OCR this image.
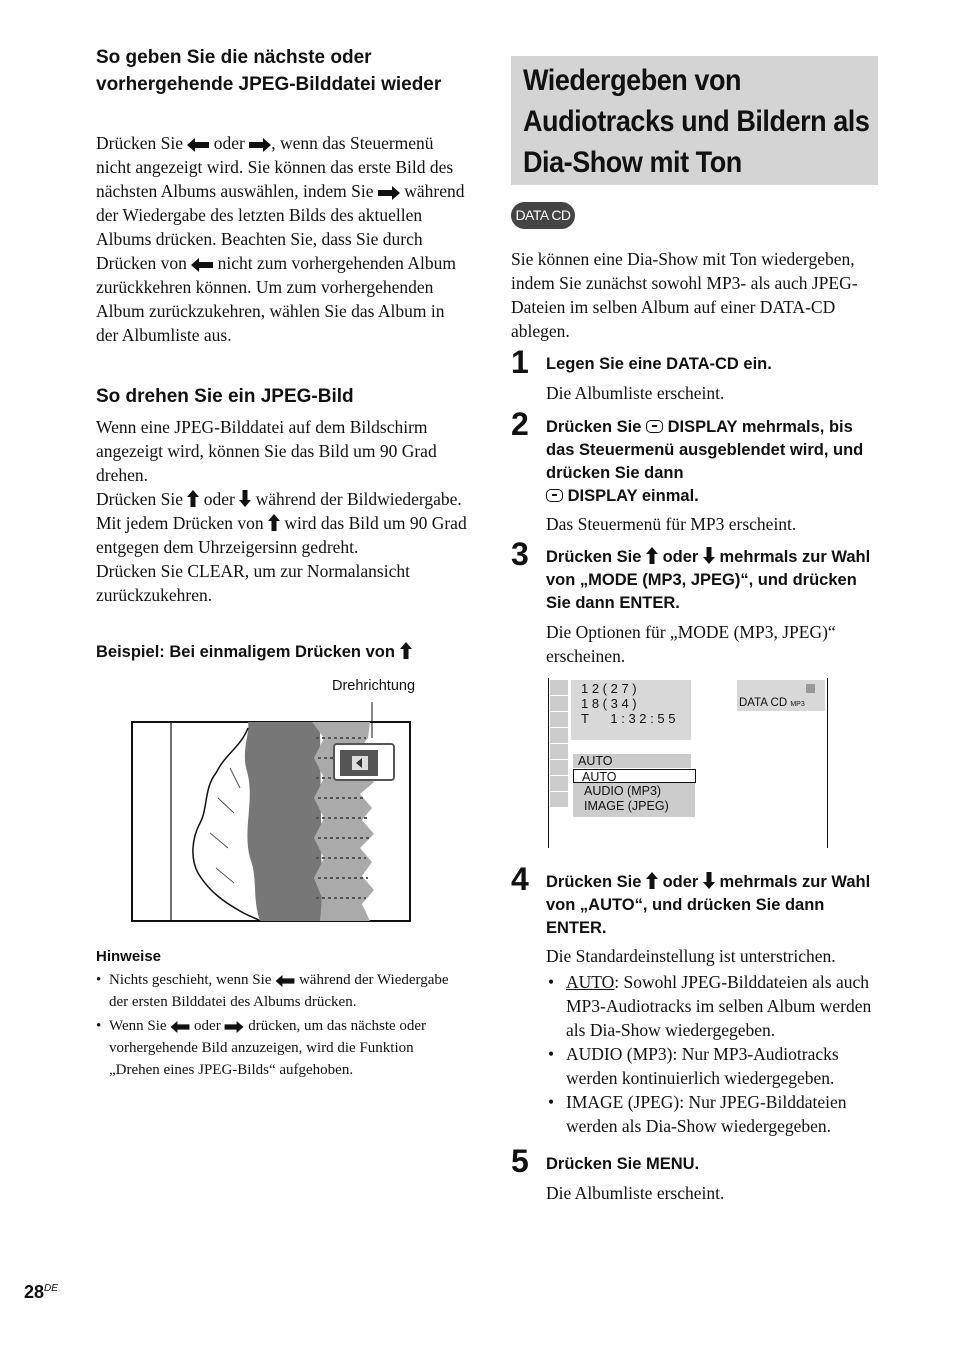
So geben Sie die nächste oder vorhergehende JPEG-Bilddatei wieder
Drücken Sie oder , wenn das Steuermenü nicht angezeigt wird. Sie können das erste Bild des nächsten Albums auswählen, indem Sie während der Wiedergabe des letzten Bilds des aktuellen Albums drücken. Beachten Sie, dass Sie durch Drücken von nicht zum vorhergehenden Album zurückkehren können. Um zum vorhergehenden Album zurückzukehren, wählen Sie das Album in der Albumliste aus.
So drehen Sie ein JPEG-Bild
Wenn eine JPEG-Bilddatei auf dem Bildschirm angezeigt wird, können Sie das Bild um 90 Grad drehen.
Drücken Sie oder während der Bildwiedergabe. Mit jedem Drücken von wird das Bild um 90 Grad entgegen dem Uhrzeigersinn gedreht.
Drücken Sie CLEAR, um zur Normalansicht zurückzukehren.
Beispiel: Bei einmaligem Drücken von
Drehrichtung
Hinweise
• Nichts geschieht, wenn Sie während der Wiedergabe der ersten Bilddatei des Albums drücken.
• Wenn Sie oder drücken, um das nächste oder vorhergehende Bild anzuzeigen, wird die Funktion „Drehen eines JPEG-Bilds“ aufgehoben.
Wiedergeben von Audiotracks und Bildern als Dia-Show mit Ton
DATA CD
Sie können eine Dia-Show mit Ton wiedergeben, indem Sie zunächst sowohl MP3- als auch JPEG-Dateien im selben Album auf einer DATA-CD ablegen.
1 Legen Sie eine DATA-CD ein.
Die Albumliste erscheint.
2 Drücken Sie DISPLAY mehrmals, bis das Steuermenü ausgeblendet wird, und drücken Sie dann
DISPLAY einmal.
Das Steuermenü für MP3 erscheint.
3 Drücken Sie oder mehrmals zur Wahl von „MODE (MP3, JPEG)“, und drücken Sie dann ENTER.
Die Optionen für „MODE (MP3, JPEG)“ erscheinen.
1 2 ( 2 7 )
1 8 ( 3 4 )
T      1 : 3 2 : 5 5
DATA CD MP3
AUTO
AUTO
AUDIO (MP3)
IMAGE (JPEG)
4 Drücken Sie oder mehrmals zur Wahl von „AUTO“, und drücken Sie dann ENTER.
Die Standardeinstellung ist unterstrichen.
• AUTO: Sowohl JPEG-Bilddateien als auch MP3-Audiotracks im selben Album werden als Dia-Show wiedergegeben.
• AUDIO (MP3): Nur MP3-Audiotracks werden kontinuierlich wiedergegeben.
• IMAGE (JPEG): Nur JPEG-Bilddateien werden als Dia-Show wiedergegeben.
5 Drücken Sie MENU.
Die Albumliste erscheint.
28DE
